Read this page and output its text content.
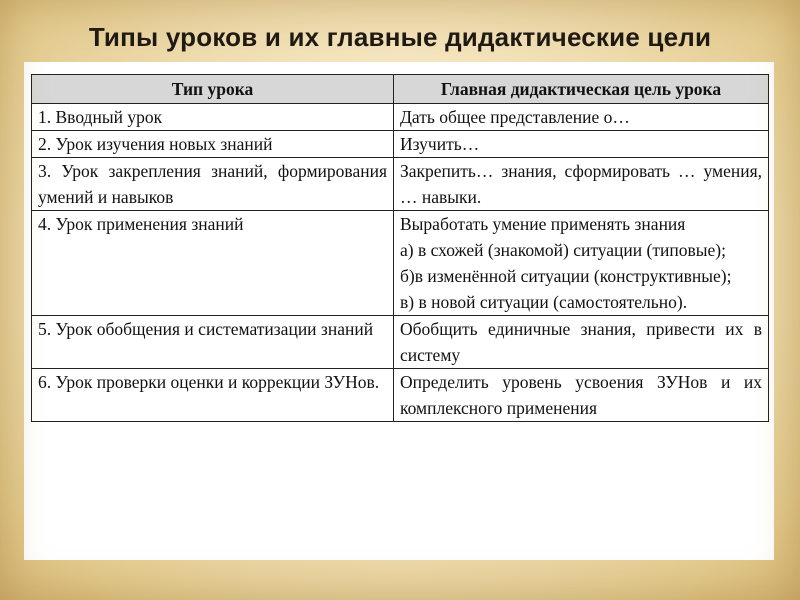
Типы уроков и их главные дидактические цели
Тип урока	Главная дидактическая цель урока
1. Вводный урок	Дать общее представление о…

2. Урок изучения новых знаний	Изучить…

3. Урок закрепления знаний, формирования умений и навыков	Закрепить… знания, сформировать … умения, … навыки.

4. Урок применения знаний	Выработать умение применять знания
а) в схожей (знакомой) ситуации (типовые);
б)в изменённой ситуации (конструктивные);
в) в новой ситуации (самостоятельно).

5. Урок обобщения и систематизации знаний	Обобщить единичные знания, привести их в систему

6. Урок проверки оценки и коррекции ЗУНов.	Определить уровень усвоения ЗУНов и их комплексного применения
